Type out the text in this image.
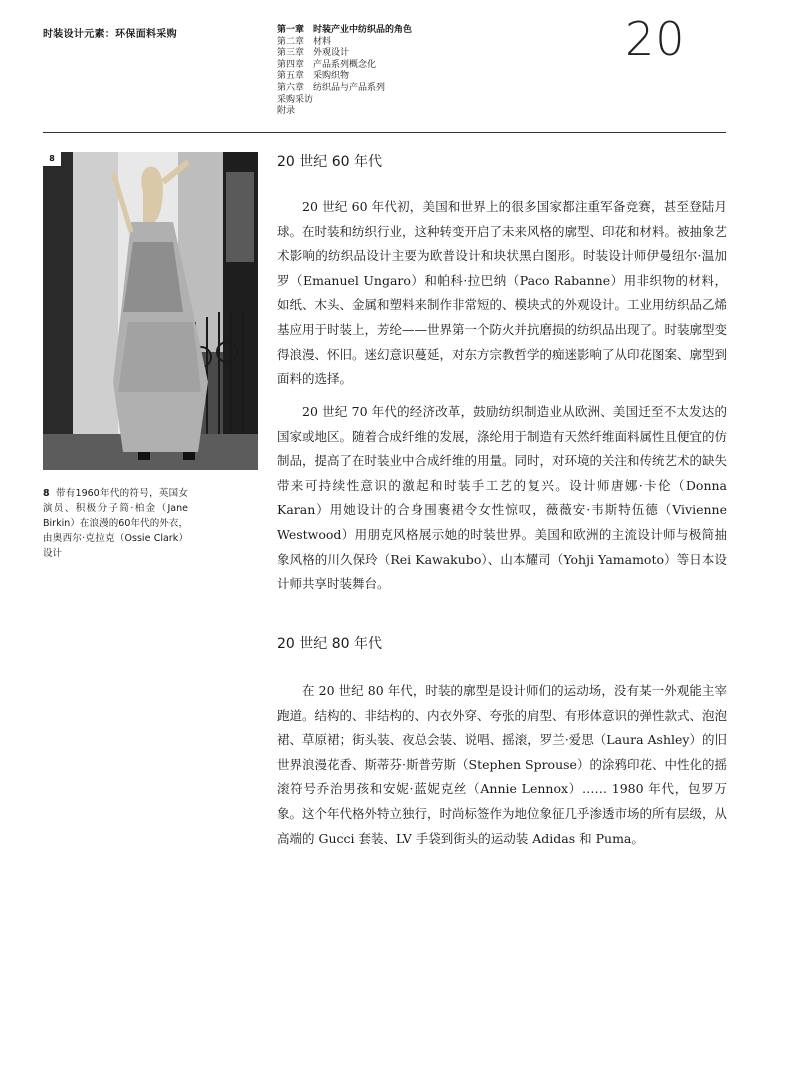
时装设计元素：环保面料采购	第一章　时装产业中纺织品的角色
第二章　材料
第三章　外观设计
第四章　产品系列概念化
第五章　采购织物
第六章　纺织品与产品系列
采购采访
附录
20
8
8 带有1960年代的符号，英国女演员、积极分子简·柏金（Jane Birkin）在浪漫的60年代的外衣，由奥西尔·克拉克（Ossie Clark）设计
20 世纪 60 年代

20 世纪 60 年代初，美国和世界上的很多国家都注重军备竞赛，甚至登陆月球。在时装和纺织行业，这种转变开启了未来风格的廓型、印花和材料。被抽象艺术影响的纺织品设计主要为欧普设计和块状黑白图形。时装设计师伊曼纽尔·温加罗（Emanuel Ungaro）和帕科·拉巴纳（Paco Rabanne）用非织物的材料，如纸、木头、金属和塑料来制作非常短的、模块式的外观设计。工业用纺织品乙烯基应用于时装上，芳纶——世界第一个防火并抗磨损的纺织品出现了。时装廓型变得浪漫、怀旧。迷幻意识蔓延，对东方宗教哲学的痴迷影响了从印花图案、廓型到面料的选择。

20 世纪 70 年代的经济改革，鼓励纺织制造业从欧洲、美国迁至不太发达的国家或地区。随着合成纤维的发展，涤纶用于制造有天然纤维面料属性且便宜的仿制品，提高了在时装业中合成纤维的用量。同时，对环境的关注和传统艺术的缺失带来可持续性意识的激起和时装手工艺的复兴。设计师唐娜·卡伦（Donna Karan）用她设计的合身围裹裙令女性惊叹，薇薇安·韦斯特伍德（Vivienne Westwood）用朋克风格展示她的时装世界。美国和欧洲的主流设计师与极简抽象风格的川久保玲（Rei Kawakubo）、山本耀司（Yohji Yamamoto）等日本设计师共享时装舞台。

20 世纪 80 年代

在 20 世纪 80 年代，时装的廓型是设计师们的运动场，没有某一外观能主宰跑道。结构的、非结构的、内衣外穿、夸张的肩型、有形体意识的弹性款式、泡泡裙、草原裙；街头装、夜总会装、说唱、摇滚，罗兰·爱思（Laura Ashley）的旧世界浪漫花香、斯蒂芬·斯普劳斯（Stephen Sprouse）的涂鸦印花、中性化的摇滚符号乔治男孩和安妮·蓝妮克丝（Annie Lennox）…… 1980 年代，包罗万象。这个年代格外特立独行，时尚标签作为地位象征几乎渗透市场的所有层级，从高端的 Gucci 套装、LV 手袋到街头的运动装 Adidas 和 Puma。
